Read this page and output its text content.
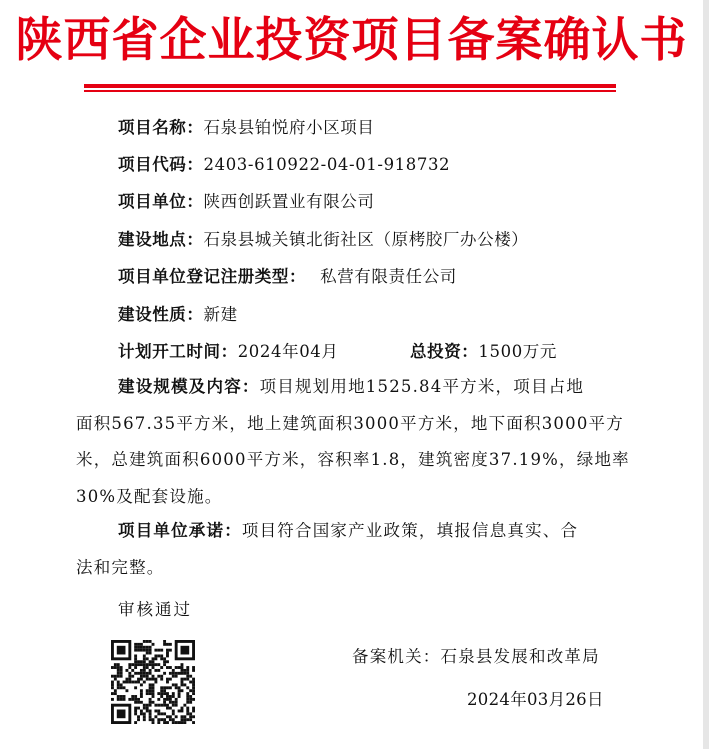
陕西省企业投资项目备案确认书
项目名称：石泉县铂悦府小区项目
项目代码：2403-610922-04-01-918732
项目单位：陕西创跃置业有限公司
建设地点：石泉县城关镇北街社区（原栲胶厂办公楼）
项目单位登记注册类型： 私营有限责任公司
建设性质：新建
计划开工时间：2024年04月	总投资：1500万元
建设规模及内容：项目规划用地1525.84平方米，项目占地
面积567.35平方米，地上建筑面积3000平方米，地下面积3000平方米，总建筑面积6000平方米，容积率1.8，建筑密度37.19%，绿地率30%及配套设施。
项目单位承诺：项目符合国家产业政策，填报信息真实、合
法和完整。
审核通过
备案机关：石泉县发展和改革局
2024年03月26日
